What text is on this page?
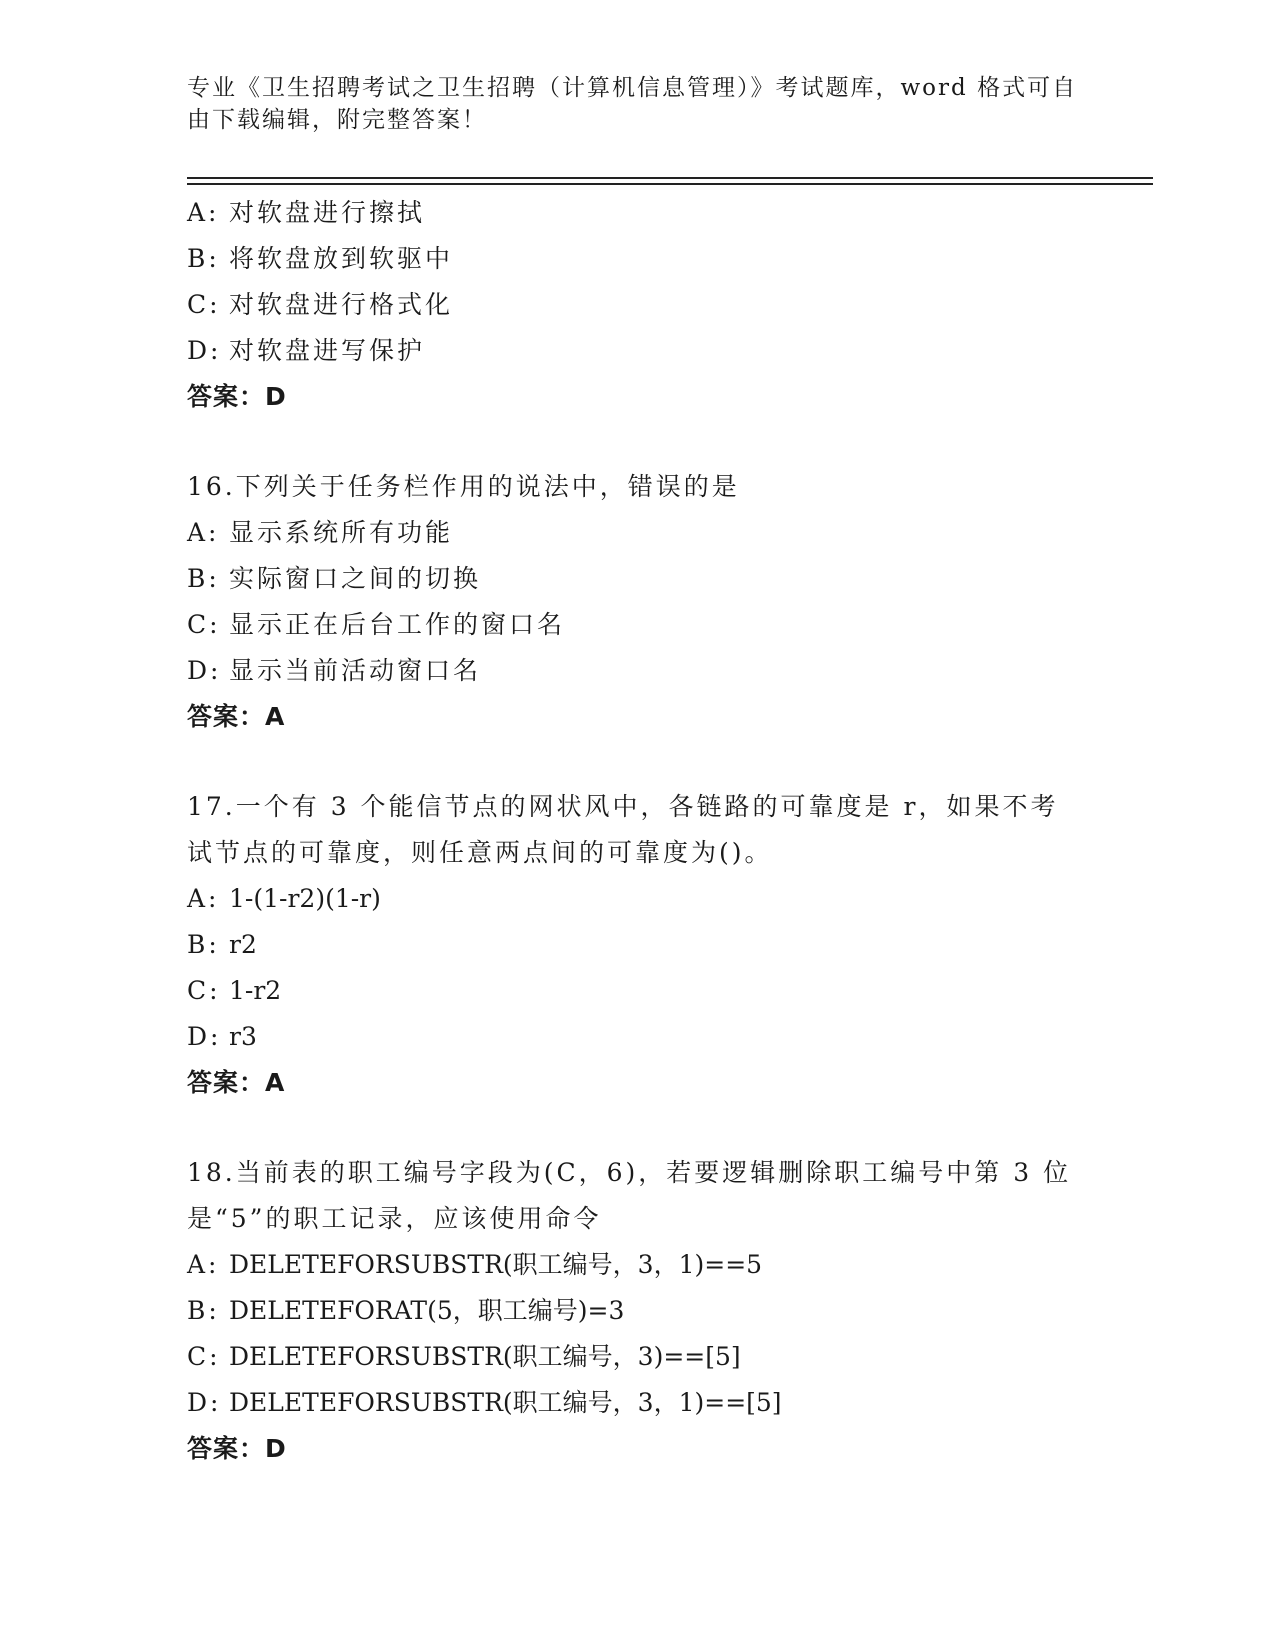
专业《卫生招聘考试之卫生招聘（计算机信息管理）》考试题库，word 格式可自
由下载编辑，附完整答案！
A: 对软盘进行擦拭
B: 将软盘放到软驱中
C: 对软盘进行格式化
D: 对软盘进写保护
答案：D
16.下列关于任务栏作用的说法中，错误的是
A: 显示系统所有功能
B: 实际窗口之间的切换
C: 显示正在后台工作的窗口名
D: 显示当前活动窗口名
答案：A
17.一个有 3 个能信节点的网状风中，各链路的可靠度是 r，如果不考
试节点的可靠度，则任意两点间的可靠度为()。
A: 1-(1-r2)(1-r)
B: r2
C: 1-r2
D: r3
答案：A
18.当前表的职工编号字段为(C，6)，若要逻辑删除职工编号中第 3 位
是“5”的职工记录，应该使用命令
A: DELETEFORSUBSTR(职工编号，3，1)==5
B: DELETEFORAT(5，职工编号)=3
C: DELETEFORSUBSTR(职工编号，3)==[5]
D: DELETEFORSUBSTR(职工编号，3，1)==[5]
答案：D
